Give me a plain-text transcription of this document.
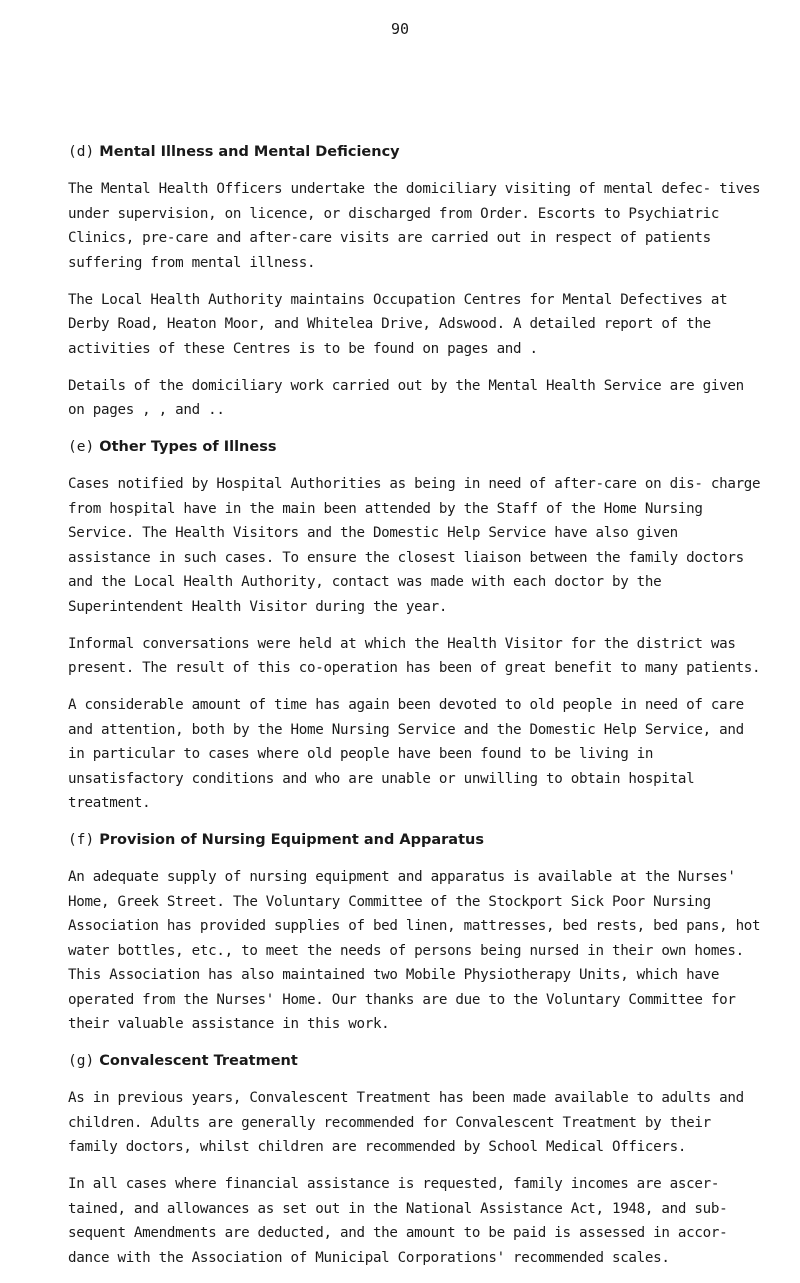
90
(d) Mental Illness and Mental Deficiency

The Mental Health Officers undertake the domiciliary visiting of mental defec- tives under supervision, on licence, or discharged from Order. Escorts to Psychiatric Clinics, pre-care and after-care visits are carried out in respect of patients suffering from mental illness.

The Local Health Authority maintains Occupation Centres for Mental Defectives at Derby Road, Heaton Moor, and Whitelea Drive, Adswood. A detailed report of the activities of these Centres is to be found on pages and .

Details of the domiciliary work carried out by the Mental Health Service are given on pages , , and ..

(e) Other Types of Illness

Cases notified by Hospital Authorities as being in need of after-care on dis- charge from hospital have in the main been attended by the Staff of the Home Nursing Service. The Health Visitors and the Domestic Help Service have also given assistance in such cases. To ensure the closest liaison between the family doctors and the Local Health Authority, contact was made with each doctor by the Superintendent Health Visitor during the year.

Informal conversations were held at which the Health Visitor for the district was present. The result of this co-operation has been of great benefit to many patients.

A considerable amount of time has again been devoted to old people in need of care and attention, both by the Home Nursing Service and the Domestic Help Service, and in particular to cases where old people have been found to be living in unsatisfactory conditions and who are unable or unwilling to obtain hospital treatment.

(f) Provision of Nursing Equipment and Apparatus

An adequate supply of nursing equipment and apparatus is available at the Nurses' Home, Greek Street. The Voluntary Committee of the Stockport Sick Poor Nursing Association has provided supplies of bed linen, mattresses, bed rests, bed pans, hot water bottles, etc., to meet the needs of persons being nursed in their own homes. This Association has also maintained two Mobile Physiotherapy Units, which have operated from the Nurses' Home. Our thanks are due to the Voluntary Committee for their valuable assistance in this work.

(g) Convalescent Treatment

As in previous years, Convalescent Treatment has been made available to adults and children. Adults are generally recommended for Convalescent Treatment by their family doctors, whilst children are recommended by School Medical Officers.

In all cases where financial assistance is requested, family incomes are ascer- tained, and allowances as set out in the National Assistance Act, 1948, and sub- sequent Amendments are deducted, and the amount to be paid is assessed in accor- dance with the Association of Municipal Corporations' recommended scales.
